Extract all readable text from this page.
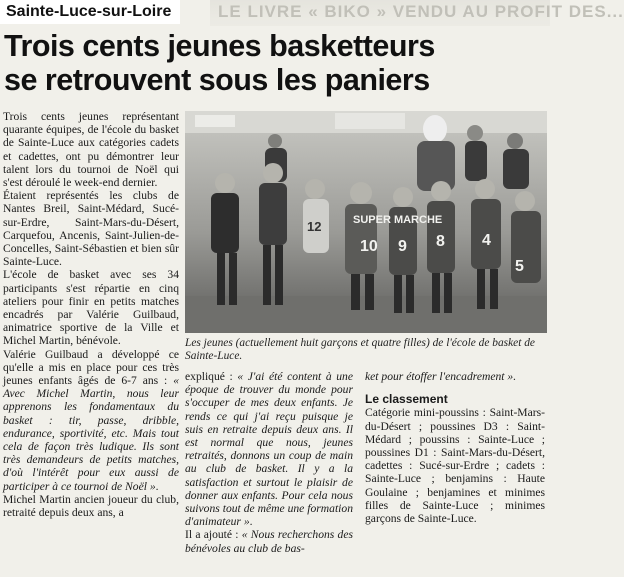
LE LIVRE « BIKO » VENDU AU PROFIT DES...
Sainte-Luce-sur-Loire
Trois cents jeunes basketteurs
se retrouvent sous les paniers

Trois cents jeunes représentant quarante équipes, de l'école du basket de Sainte-Luce aux catégories cadets et cadettes, ont pu démontrer leur talent lors du tournoi de Noël qui s'est déroulé le week-end dernier.

Étaient représentés les clubs de Nantes Breil, Saint-Médard, Sucé-sur-Erdre, Saint-Mars-du-Désert, Carquefou, Ancenis, Saint-Julien-de-Concelles, Saint-Sébastien et bien sûr Sainte-Luce.

L'école de basket avec ses 34 participants s'est répartie en cinq ateliers pour finir en petits matches encadrés par Valérie Guilbaud, animatrice sportive de la Ville et Michel Martin, bénévole.

Valérie Guilbaud a développé ce qu'elle a mis en place pour ces très jeunes enfants âgés de 6-7 ans : « Avec Michel Martin, nous leur apprenons les fondamentaux du basket : tir, passe, dribble, endurance, sportivité, etc. Mais tout cela de façon très ludique. Ils sont très demandeurs de petits matches, d'où l'intérêt pour eux aussi de participer à ce tournoi de Noël ».

Michel Martin ancien joueur du club, retraité depuis deux ans, a

SUPER MARCHE
10 9 8 4
5
12
Les jeunes (actuellement huit garçons et quatre filles) de l'école de basket de Sainte-Luce.

expliqué : « J'ai été content à une époque de trouver du monde pour s'occuper de mes deux enfants. Je rends ce qui j'ai reçu puisque je suis en retraite depuis deux ans. Il est normal que nous, jeunes retraités, donnons un coup de main au club de basket. Il y a la satisfaction et surtout le plaisir de donner aux enfants. Pour cela nous suivons tout de même une formation d'animateur ».

Il a ajouté : « Nous recherchons des bénévoles au club de bas-

ket pour étoffer l'encadrement ».

Le classement

Catégorie mini-poussins : Saint-Mars-du-Désert ; poussines D3 : Saint-Médard ; poussins : Sainte-Luce ; poussines D1 : Saint-Mars-du-Désert, cadettes : Sucé-sur-Erdre ; cadets : Sainte-Luce ; benjamins : Haute Goulaine ; benjamines et minimes filles de Sainte-Luce ; minimes garçons de Sainte-Luce.
